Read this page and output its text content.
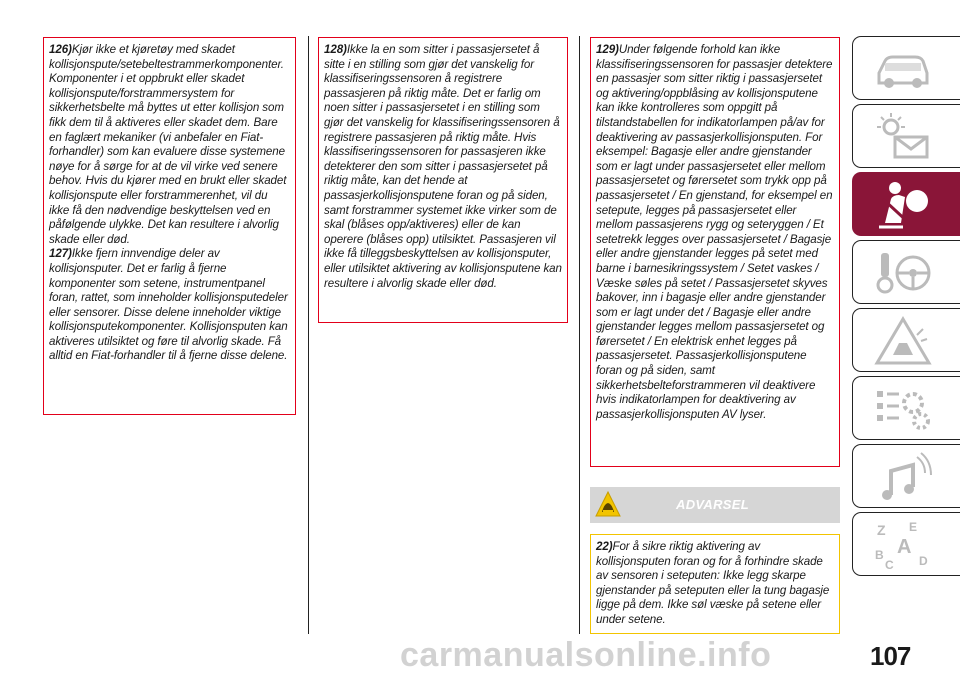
126)Kjør ikke et kjøretøy med skadet kollisjonspute/setebeltestrammerkomponenter. Komponenter i et oppbrukt eller skadet kollisjonspute/forstrammersystem for sikkerhetsbelte må byttes ut etter kollisjon som fikk dem til å aktiveres eller skadet dem. Bare en faglært mekaniker (vi anbefaler en Fiat-forhandler) som kan evaluere disse systemene nøye for å sørge for at de vil virke ved senere behov. Hvis du kjører med en brukt eller skadet kollisjonspute eller forstrammerenhet, vil du ikke få den nødvendige beskyttelsen ved en påfølgende ulykke. Det kan resultere i alvorlig skade eller død.

127)Ikke fjern innvendige deler av kollisjonsputer. Det er farlig å fjerne komponenter som setene, instrumentpanel foran, rattet, som inneholder kollisjonsputedeler eller sensorer. Disse delene inneholder viktige kollisjonsputekomponenter. Kollisjonsputen kan aktiveres utilsiktet og føre til alvorlig skade. Få alltid en Fiat-forhandler til å fjerne disse delene.

128)Ikke la en som sitter i passasjersetet å sitte i en stilling som gjør det vanskelig for klassifiseringssensoren å registrere passasjeren på riktig måte. Det er farlig om noen sitter i passasjersetet i en stilling som gjør det vanskelig for klassifiseringssensoren å registrere passasjeren på riktig måte. Hvis klassifiseringssensoren for passasjeren ikke detekterer den som sitter i passasjersetet på riktig måte, kan det hende at passasjerkollisjonsputene foran og på siden, samt forstrammer systemet ikke virker som de skal (blåses opp/aktiveres) eller de kan operere (blåses opp) utilsiktet. Passasjeren vil ikke få tilleggsbeskyttelsen av kollisjonsputer, eller utilsiktet aktivering av kollisjonsputene kan resultere i alvorlig skade eller død.

129)Under følgende forhold kan ikke klassifiseringssensoren for passasjer detektere en passasjer som sitter riktig i passasjersetet og aktivering/oppblåsing av kollisjonsputene kan ikke kontrolleres som oppgitt på tilstandstabellen for indikatorlampen på/av for deaktivering av passasjerkollisjonsputen. For eksempel: Bagasje eller andre gjenstander som er lagt under passasjersetet eller mellom passasjersetet og førersetet som trykk opp på passasjersetet / En gjenstand, for eksempel en setepute, legges på passasjersetet eller mellom passasjerens rygg og seteryggen / Et setetrekk legges over passasjersetet / Bagasje eller andre gjenstander legges på setet med barne i barnesikringssystem / Setet vaskes / Væske søles på setet / Passasjersetet skyves bakover, inn i bagasje eller andre gjenstander som er lagt under det / Bagasje eller andre gjenstander legges mellom passasjersetet og førersetet / En elektrisk enhet legges på passasjersetet. Passasjerkollisjonsputene foran og på siden, samt sikkerhetsbelteforstrammeren vil deaktivere hvis indikatorlampen for deaktivering av passasjerkollisjonsputen AV lyser.

ADVARSEL

22)For å sikre riktig aktivering av kollisjonsputen foran og for å forhindre skade av sensoren i seteputen: Ikke legg skarpe gjenstander på seteputen eller la tung bagasje ligge på dem. Ikke søl væske på setene eller under setene.

Z E
A
B
C D
107
carmanualsonline.info
